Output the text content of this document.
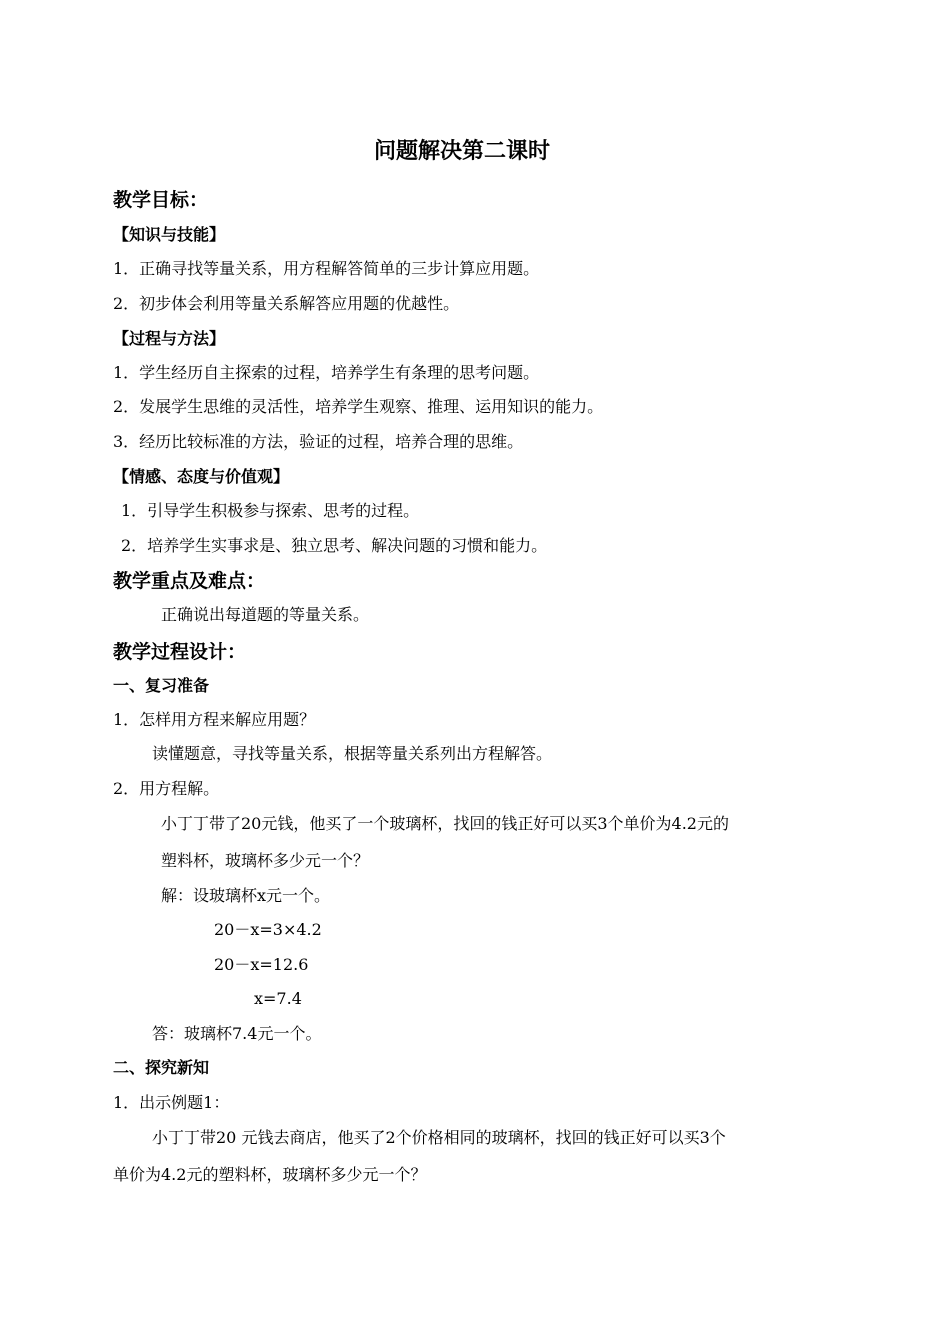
问题解决第二课时
教学目标：
【知识与技能】
1．正确寻找等量关系，用方程解答简单的三步计算应用题。
2．初步体会利用等量关系解答应用题的优越性。
【过程与方法】
1．学生经历自主探索的过程，培养学生有条理的思考问题。
2．发展学生思维的灵活性，培养学生观察、推理、运用知识的能力。
3．经历比较标准的方法，验证的过程，培养合理的思维。
【情感、态度与价值观】
1．引导学生积极参与探索、思考的过程。
2．培养学生实事求是、独立思考、解决问题的习惯和能力。
教学重点及难点：
正确说出每道题的等量关系。
教学过程设计：
一、复习准备
1．怎样用方程来解应用题？
读懂题意，寻找等量关系，根据等量关系列出方程解答。
2．用方程解。
小丁丁带了20元钱，他买了一个玻璃杯，找回的钱正好可以买3个单价为4.2元的
塑料杯，玻璃杯多少元一个？
解：设玻璃杯x元一个。
20－x=3×4.2
20－x=12.6
x=7.4
答：玻璃杯7.4元一个。
二、探究新知
1．出示例题1：
小丁丁带20 元钱去商店，他买了2个价格相同的玻璃杯，找回的钱正好可以买3个
单价为4.2元的塑料杯，玻璃杯多少元一个？
